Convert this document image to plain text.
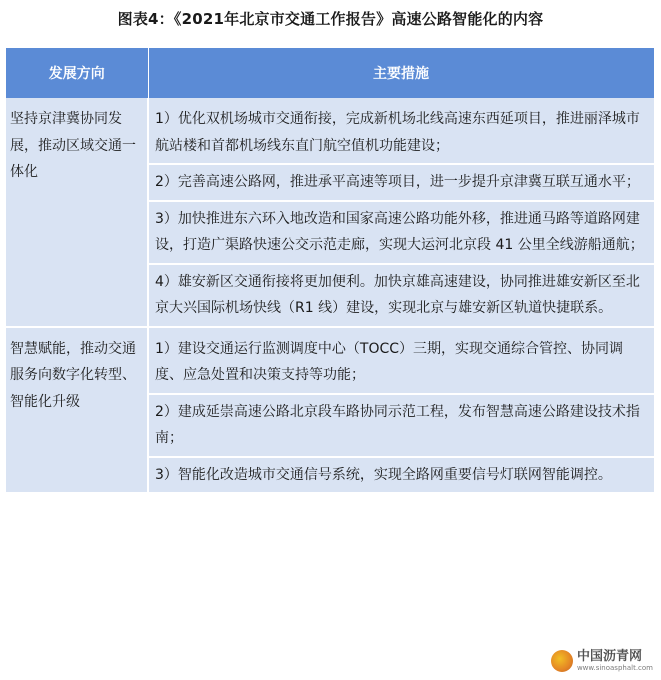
图表4：《2021年北京市交通工作报告》高速公路智能化的内容
发展方向	主要措施
坚持京津冀协同发展，推动区域交通一体化	1）优化双机场城市交通衔接，完成新机场北线高速东西延项目，推进丽泽城市航站楼和首都机场线东直门航空值机功能建设；
	2）完善高速公路网，推进承平高速等项目，进一步提升京津冀互联互通水平；
	3）加快推进东六环入地改造和国家高速公路功能外移，推进通马路等道路网建设，打造广渠路快速公交示范走廊，实现大运河北京段 41 公里全线游船通航；
	4）雄安新区交通衔接将更加便利。加快京雄高速建设，协同推进雄安新区至北京大兴国际机场快线（R1 线）建设，实现北京与雄安新区轨道快捷联系。
智慧赋能，推动交通服务向数字化转型、智能化升级	1）建设交通运行监测调度中心（TOCC）三期，实现交通综合管控、协同调度、应急处置和决策支持等功能；
	2）建成延崇高速公路北京段车路协同示范工程，发布智慧高速公路建设技术指南；
	3）智能化改造城市交通信号系统，实现全路网重要信号灯联网智能调控。
中国沥青网
www.sinoasphalt.com
